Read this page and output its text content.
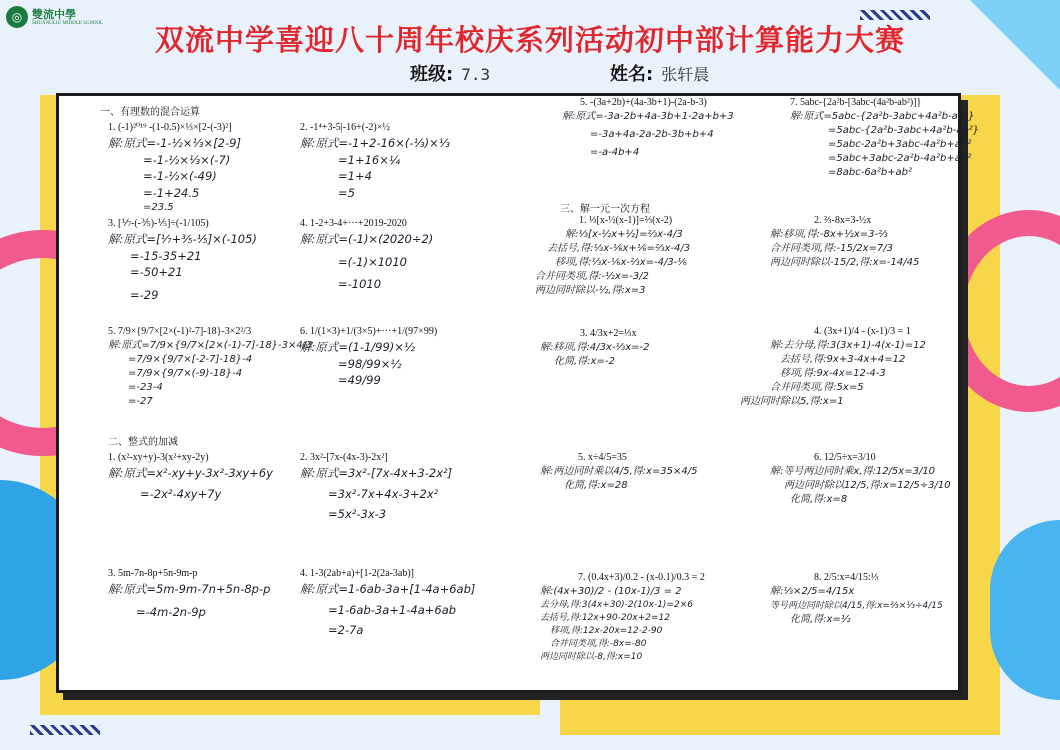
◎ 雙流中學
SHUANGLIU MIDDLE SCHOOL	双流中学喜迎八十周年校庆系列活动初中部计算能力大赛
班级: 7.3	姓名: 张轩晨
一、有理数的混合运算
二、整式的加减
三、解一元一次方程
1. (-1)²⁰¹⁹ -(1-0.5)×⅓×[2-(-3)²]
解:原式=-1-½×⅓×[2-9]
=-1-½×⅓×(-7)
=-1-½×(-49)
=-1+24.5
=23.5
2. -1⁴+3-5|-16+(-2)×½
解:原式=-1+2-16×(-⅓)×⅓
=1+16×¼
=1+4
=5
3. [⅐-(-⅗)-⅕]÷(-1/105)
解:原式=[⅐+⅗-⅕]×(-105)
=-15-35+21
=-50+21
=-29
4. 1-2+3-4+···+2019-2020
解:原式=(-1)×(2020÷2)
=(-1)×1010
=-1010
5. 7/9×{9/7×[2×(-1)²-7]-18}-3×2²/3
解:原式=7/9×{9/7×[2×(-1)-7]-18}-3×4/3
=7/9×{9/7×[-2-7]-18}-4
=7/9×{9/7×(-9)-18}-4
=-23-4
=-27
6. 1/(1×3)+1/(3×5)+···+1/(97×99)
解:原式=(1-1/99)×½
=98/99×½
=49/99
1. (x²-xy+y)-3(x²+xy-2y)
解:原式=x²-xy+y-3x²-3xy+6y
=-2x²-4xy+7y
2. 3x²-[7x-(4x-3)-2x²]
解:原式=3x²-[7x-4x+3-2x²]
=3x²-7x+4x-3+2x²
=5x²-3x-3
3. 5m-7n-8p+5n-9m-p
解:原式=5m-9m-7n+5n-8p-p
=-4m-2n-9p
4. 1-3(2ab+a)+[1-2(2a-3ab)]
解:原式=1-6ab-3a+[1-4a+6ab]
=1-6ab-3a+1-4a+6ab
=2-7a
5. -(3a+2b)+(4a-3b+1)-(2a-b-3)
解:原式=-3a-2b+4a-3b+1-2a+b+3
=-3a+4a-2a-2b-3b+b+4
=-a-4b+4
7. 5abc-{2a²b-[3abc-(4a²b-ab²)]}
解:原式=5abc-{2a²b-3abc+4a²b-ab²}
=5abc-{2a²b-3abc+4a²b-ab²}
=5abc-2a²b+3abc-4a²b+ab²
=5abc+3abc-2a²b-4a²b+ab²
=8abc-6a²b+ab²
1. ⅓[x-½(x-1)]=⅔(x-2)
解:⅓[x-½x+½]=⅔x-4/3
去括号,得:⅓x-⅙x+⅙=⅔x-4/3
移项,得:⅓x-⅙x-⅔x=-4/3-⅙
合并同类项,得:-½x=-3/2
两边同时除以-½,得:x=3
2. ⅔-8x=3-½x
解:移项,得:-8x+½x=3-⅔
合并同类项,得:-15/2x=7/3
两边同时除以-15/2,得:x=-14/45
3. 4/3x+2=⅓x
解:移项,得:4/3x-⅓x=-2
化简,得:x=-2
4. (3x+1)/4 - (x-1)/3 = 1
解:去分母,得:3(3x+1)-4(x-1)=12
去括号,得:9x+3-4x+4=12
移项,得:9x-4x=12-4-3
合并同类项,得:5x=5
两边同时除以5,得:x=1
5. x÷4/5=35
解:两边同时乘以4/5,得:x=35×4/5
化简,得:x=28
6. 12/5÷x=3/10
解:等号两边同时乘x,得:12/5x=3/10
两边同时除以12/5,得:x=12/5÷3/10
化简,得:x=8
7. (0.4x+3)/0.2 - (x-0.1)/0.3 = 2
解:(4x+30)/2 - (10x-1)/3 = 2
去分母,得:3(4x+30)-2(10x-1)=2×6
去括号,得:12x+90-20x+2=12
移项,得:12x-20x=12-2-90
合并同类项,得:-8x=-80
两边同时除以-8,得:x=10
8. 2/5:x=4/15:⅓
解:⅓×2/5=4/15x
等号两边同时除以4/15,得:x=⅔×⅓÷4/15
化简,得:x=½
